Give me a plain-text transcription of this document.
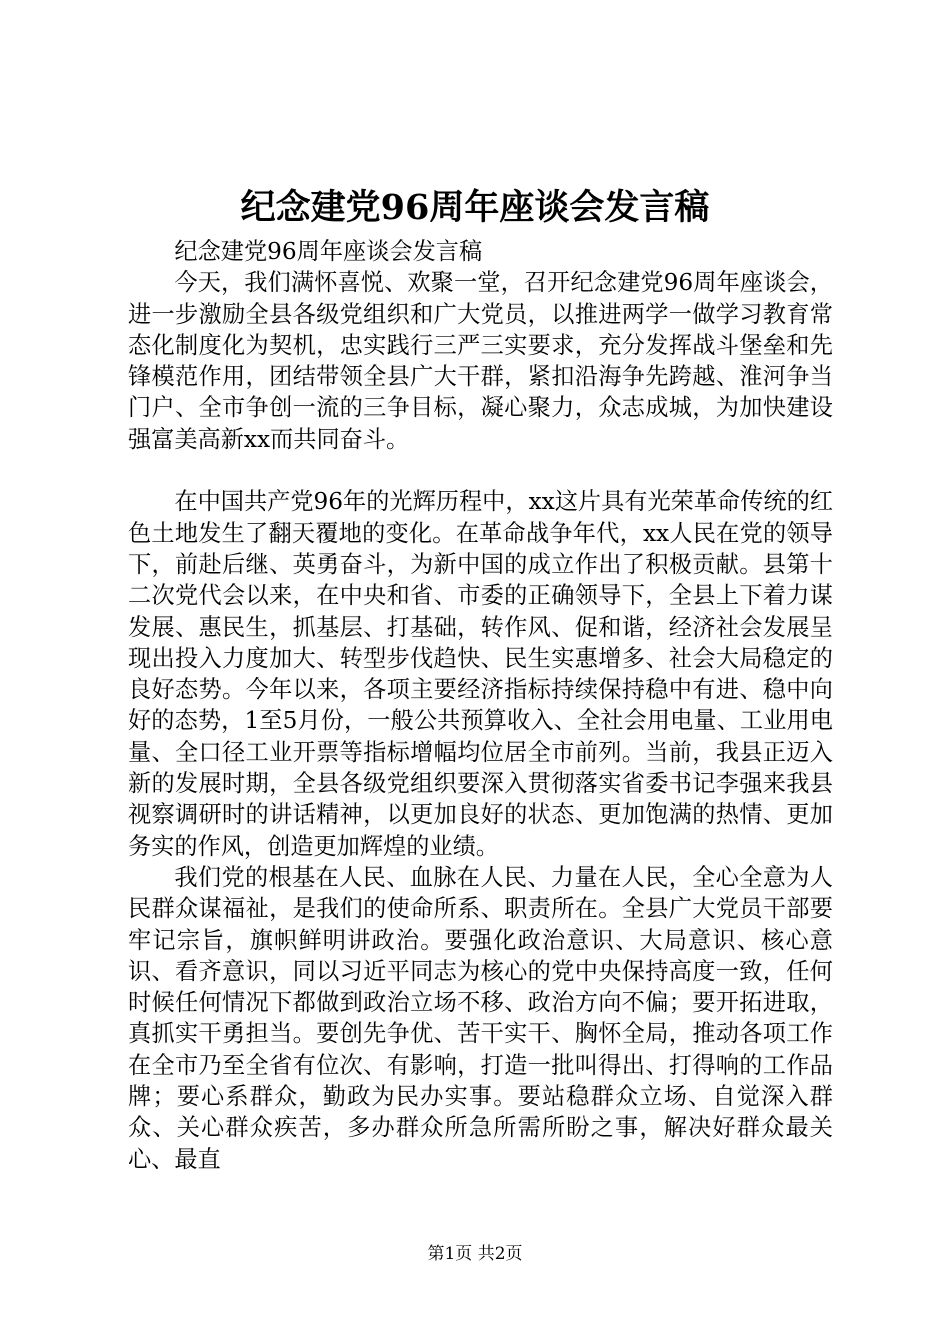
纪念建党96周年座谈会发言稿

纪念建党96周年座谈会发言稿

今天，我们满怀喜悦、欢聚一堂，召开纪念建党96周年座谈会，进一步激励全县各级党组织和广大党员，以推进两学一做学习教育常态化制度化为契机，忠实践行三严三实要求，充分发挥战斗堡垒和先锋模范作用，团结带领全县广大干群，紧扣沿海争先跨越、淮河争当门户、全市争创一流的三争目标，凝心聚力，众志成城，为加快建设强富美高新xx而共同奋斗。

在中国共产党96年的光辉历程中，xx这片具有光荣革命传统的红色土地发生了翻天覆地的变化。在革命战争年代，xx人民在党的领导下，前赴后继、英勇奋斗，为新中国的成立作出了积极贡献。县第十二次党代会以来，在中央和省、市委的正确领导下，全县上下着力谋发展、惠民生，抓基层、打基础，转作风、促和谐，经济社会发展呈现出投入力度加大、转型步伐趋快、民生实惠增多、社会大局稳定的良好态势。今年以来，各项主要经济指标持续保持稳中有进、稳中向好的态势，1至5月份，一般公共预算收入、全社会用电量、工业用电量、全口径工业开票等指标增幅均位居全市前列。当前，我县正迈入新的发展时期，全县各级党组织要深入贯彻落实省委书记李强来我县视察调研时的讲话精神，以更加良好的状态、更加饱满的热情、更加务实的作风，创造更加辉煌的业绩。

我们党的根基在人民、血脉在人民、力量在人民，全心全意为人民群众谋福祉，是我们的使命所系、职责所在。全县广大党员干部要牢记宗旨，旗帜鲜明讲政治。要强化政治意识、大局意识、核心意识、看齐意识，同以习近平同志为核心的党中央保持高度一致，任何时候任何情况下都做到政治立场不移、政治方向不偏；要开拓进取，真抓实干勇担当。要创先争优、苦干实干、胸怀全局，推动各项工作在全市乃至全省有位次、有影响，打造一批叫得出、打得响的工作品牌；要心系群众，勤政为民办实事。要站稳群众立场、自觉深入群众、关心群众疾苦，多办群众所急所需所盼之事，解决好群众最关心、最直

第1页 共2页
